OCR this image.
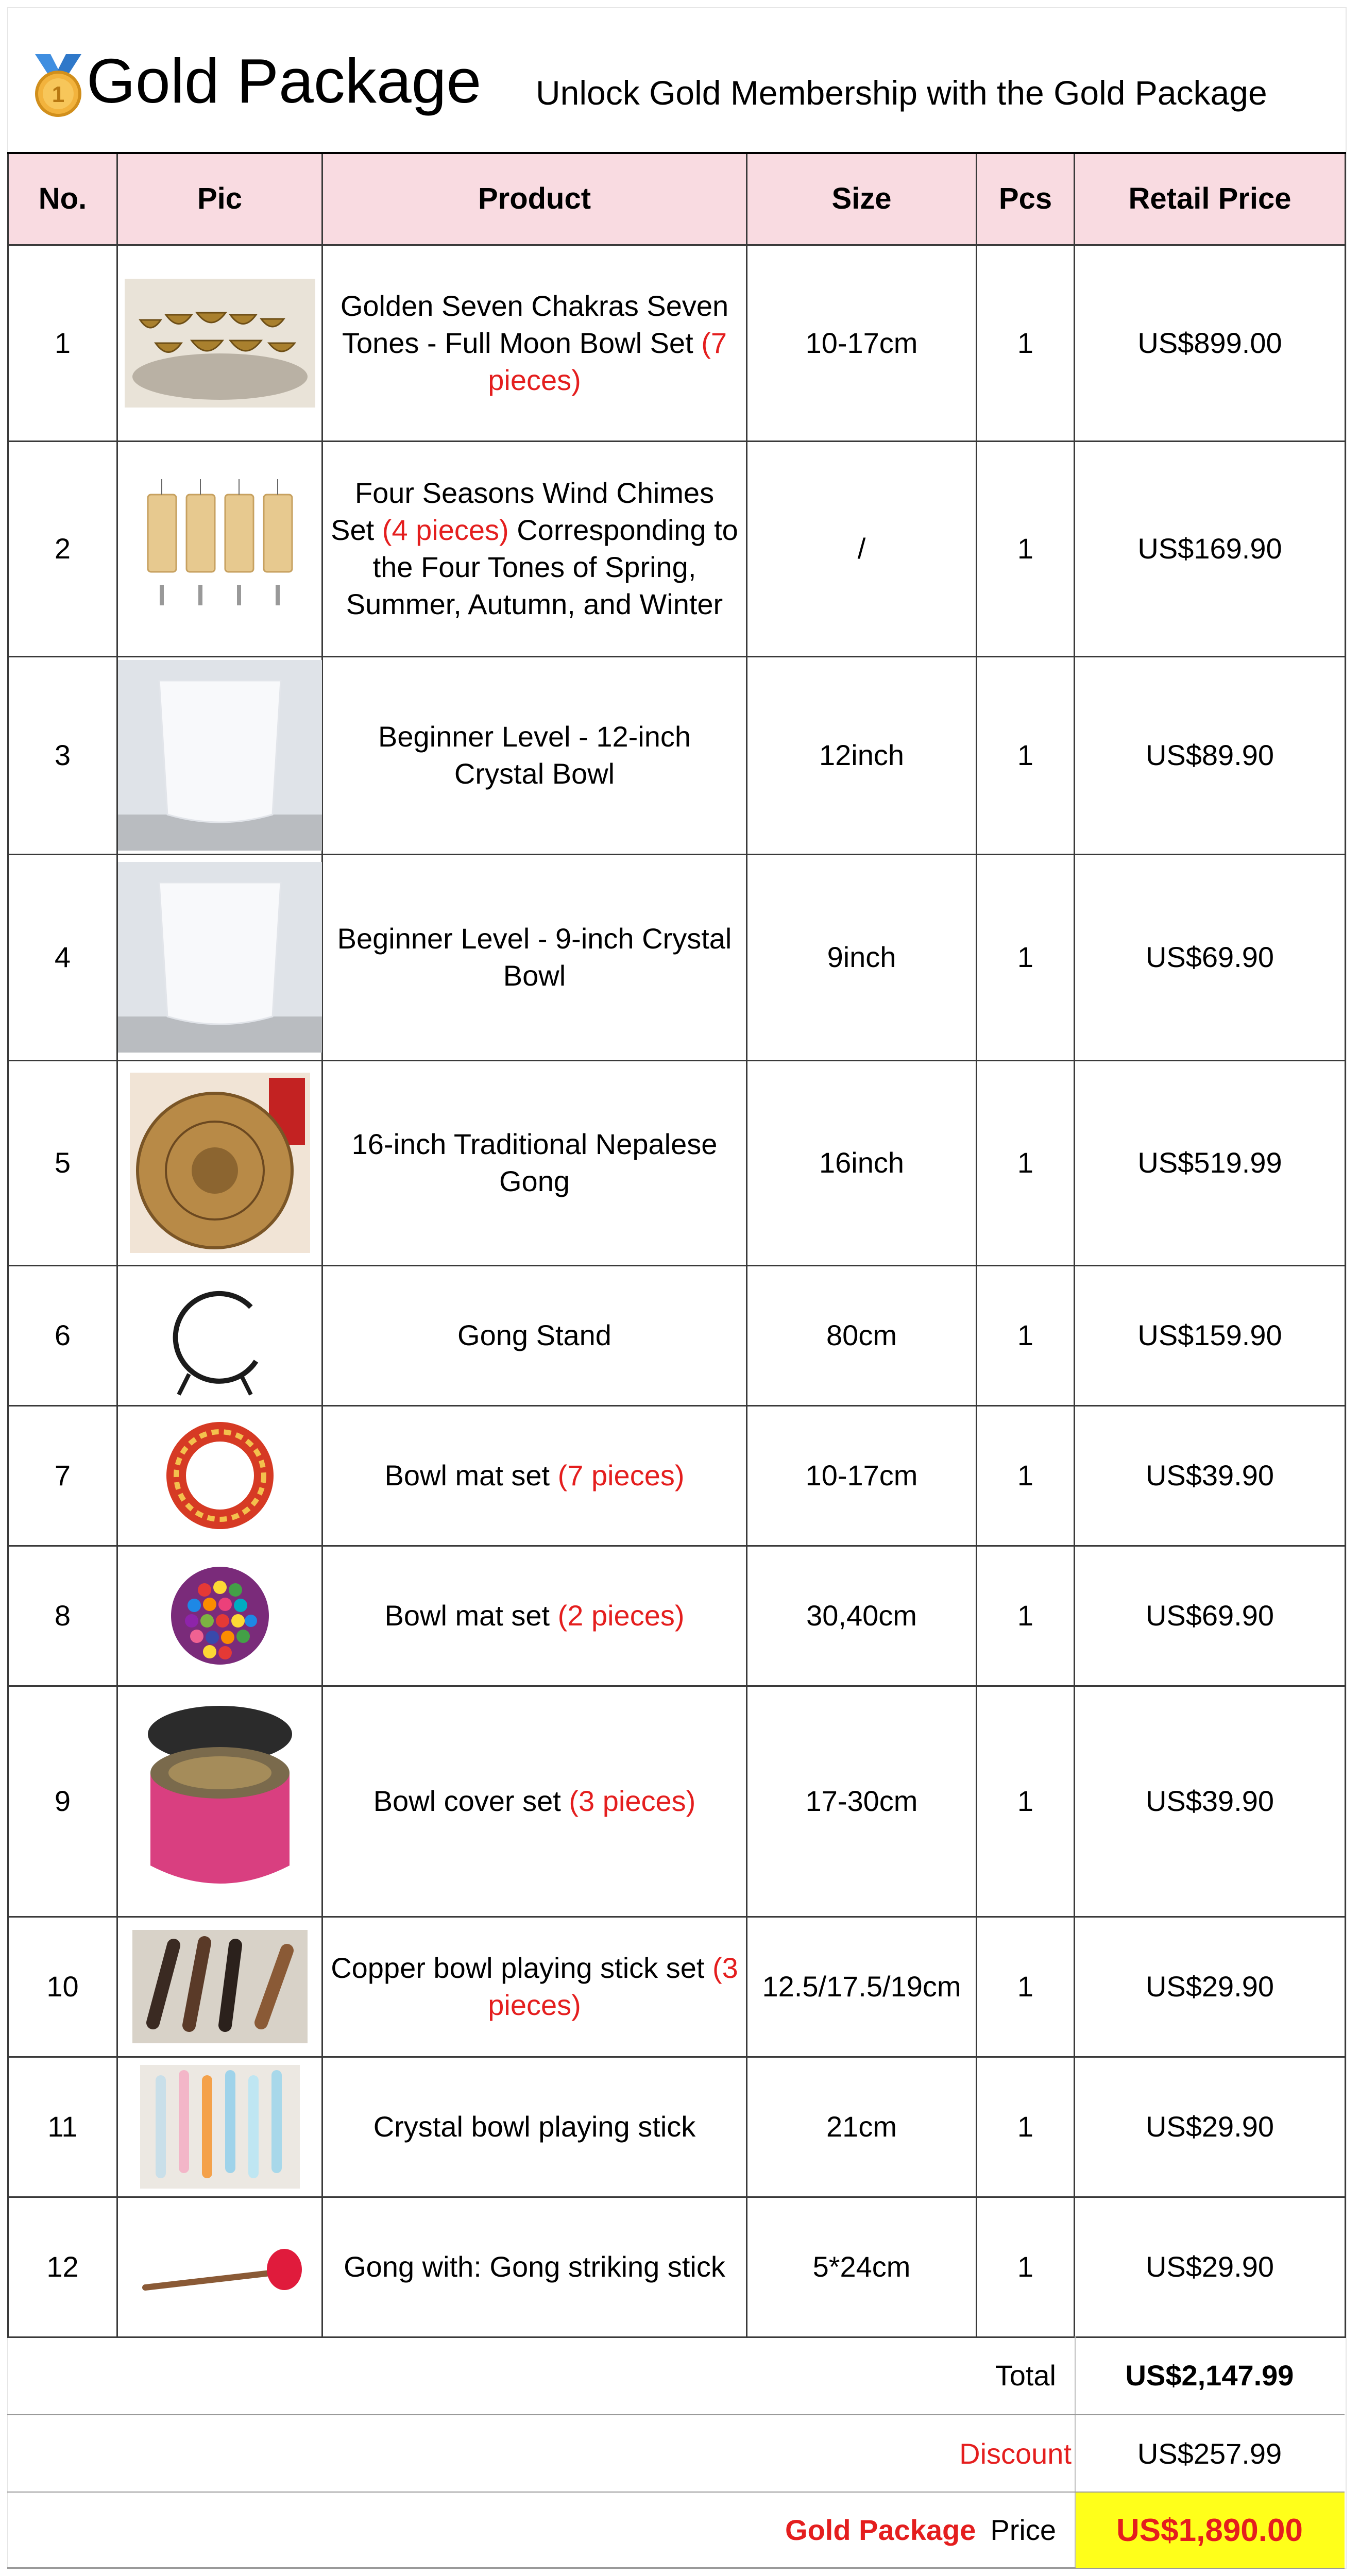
1 Gold Package Unlock Gold Membership with the Gold Package
No.	Pic	Product	Size	Pcs	Retail Price
1		Golden Seven Chakras Seven Tones - Full Moon Bowl Set (7 pieces)	10-17cm	1	US$899.00
2		Four Seasons Wind Chimes Set (4 pieces) Corresponding to the Four Tones of Spring, Summer, Autumn, and Winter	/	1	US$169.90
3		Beginner Level - 12-inch Crystal Bowl	12inch	1	US$89.90
4		Beginner Level - 9-inch Crystal Bowl	9inch	1	US$69.90
5		16-inch Traditional Nepalese Gong	16inch	1	US$519.99
6		Gong Stand	80cm	1	US$159.90
7		Bowl mat set (7 pieces)	10-17cm	1	US$39.90
8		Bowl mat set (2 pieces)	30,40cm	1	US$69.90
9		Bowl cover set (3 pieces)	17-30cm	1	US$39.90
10		Copper bowl playing stick set (3 pieces)	12.5/17.5/19cm	1	US$29.90
11		Crystal bowl playing stick	21cm	1	US$29.90
12		Gong with: Gong striking stick	5*24cm	1	US$29.90
Total	US$2,147.99
Discount	US$257.99
Gold Package Price	US$1,890.00
